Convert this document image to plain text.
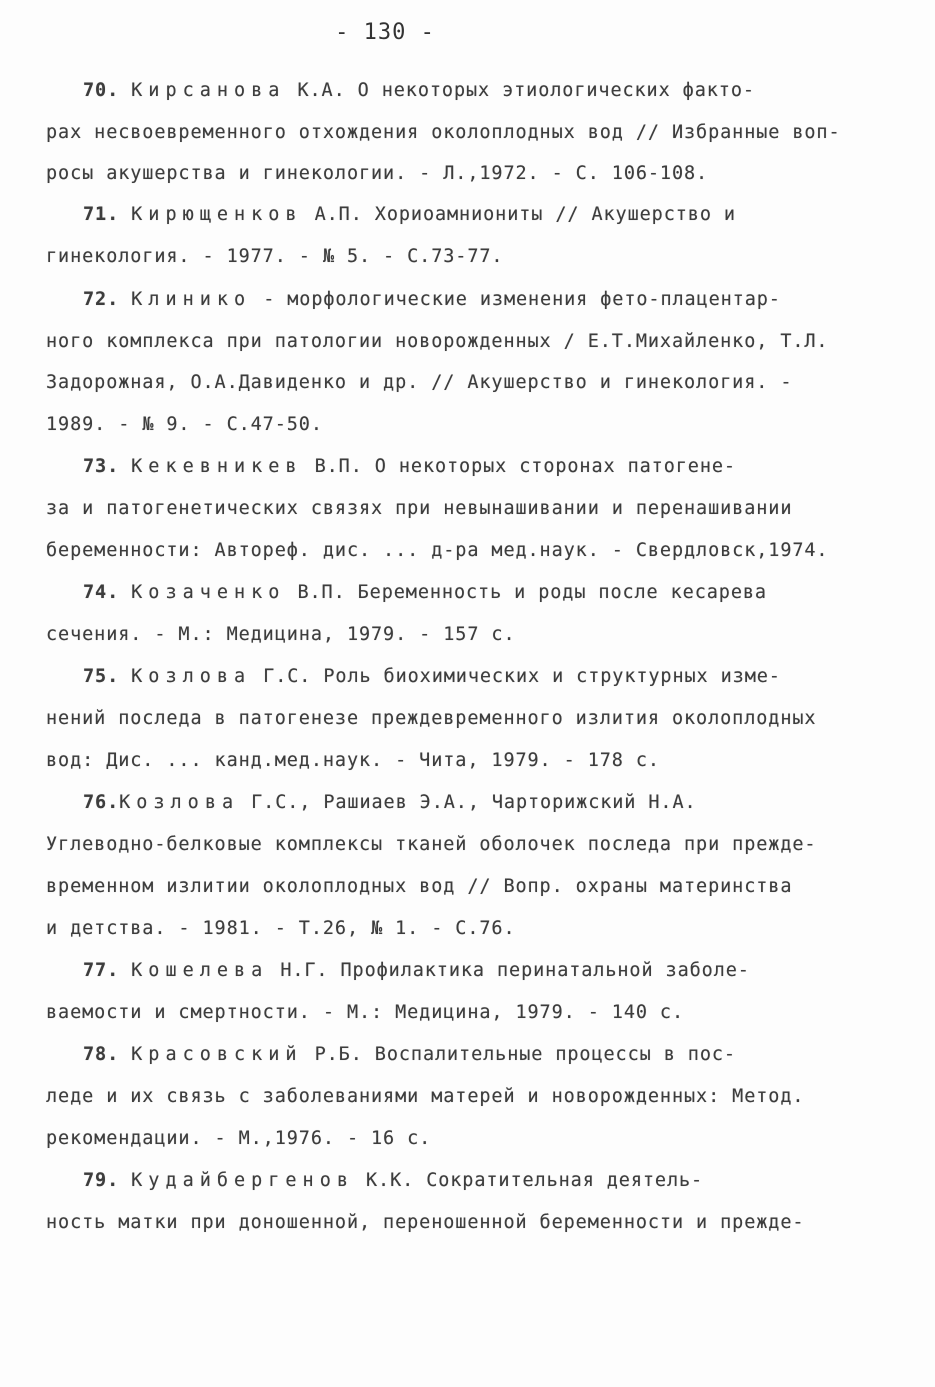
- 130 -
70. Кирсанова К.А. О некоторых этиологических факто-
рах несвоевременного отхождения околоплодных вод // Избранные воп-
росы акушерства и гинекологии. - Л.,1972. - С. 106-108.
71. Кирющенков А.П. Хориоамниониты // Акушерство и
гинекология. - 1977. - № 5. - С.73-77.
72. Клинико - морфологические изменения фето-плацентар-
ного комплекса при патологии новорожденных / Е.Т.Михайленко, Т.Л.
Задорожная, О.А.Давиденко и др. // Акушерство и гинекология. -
1989. - № 9. - С.47-50.
73. Кекевникев В.П. О некоторых сторонах патогене-
за и патогенетических связях при невынашивании и перенашивании
беременности: Автореф. дис. ... д-ра мед.наук. - Свердловск,1974.
74. Козаченко В.П. Беременность и роды после кесарева
сечения. - М.: Медицина, 1979. - 157 с.
75. Козлова Г.С. Роль биохимических и структурных изме-
нений последа в патогенезе преждевременного излития околоплодных
вод: Дис. ... канд.мед.наук. - Чита, 1979. - 178 с.
76.Козлова Г.С., Рашиаев Э.А., Чарторижский Н.А.
Углеводно-белковые комплексы тканей оболочек последа при прежде-
временном излитии околоплодных вод // Вопр. охраны материнства
и детства. - 1981. - Т.26, № 1. - С.76.
77. Кошелева Н.Г. Профилактика перинатальной заболе-
ваемости и смертности. - М.: Медицина, 1979. - 140 с.
78. Красовский Р.Б. Воспалительные процессы в пос-
леде и их связь с заболеваниями матерей и новорожденных: Метод.
рекомендации. - М.,1976. - 16 с.
79. Кудайбергенов К.К. Сократительная деятель-
ность матки при доношенной, переношенной беременности и прежде-
